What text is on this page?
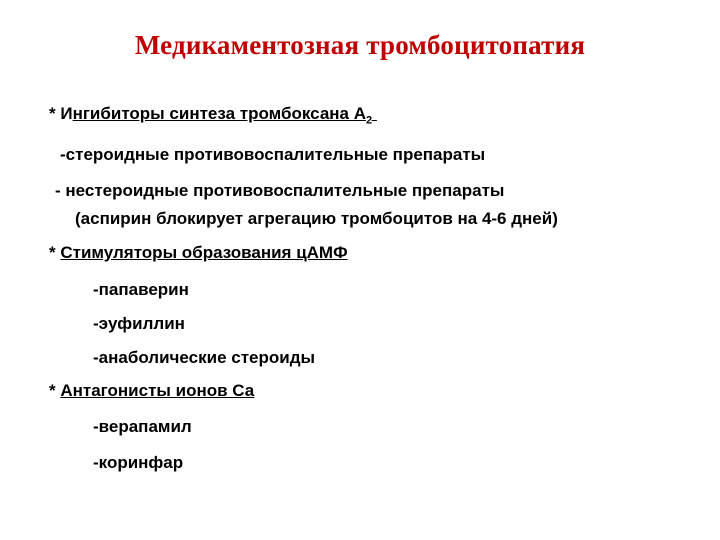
Медикаментозная тромбоцитопатия
* Ингибиторы синтеза тромбоксана $А_2$
-стероидные противовоспалительные препараты
- нестероидные противовоспалительные препараты
(аспирин блокирует агрегацию тромбоцитов на 4-6 дней)
* Стимуляторы образования цАМФ
-папаверин
-эуфиллин
-анаболические стероиды
* Антагонисты ионов Са
-верапамил
-коринфар
